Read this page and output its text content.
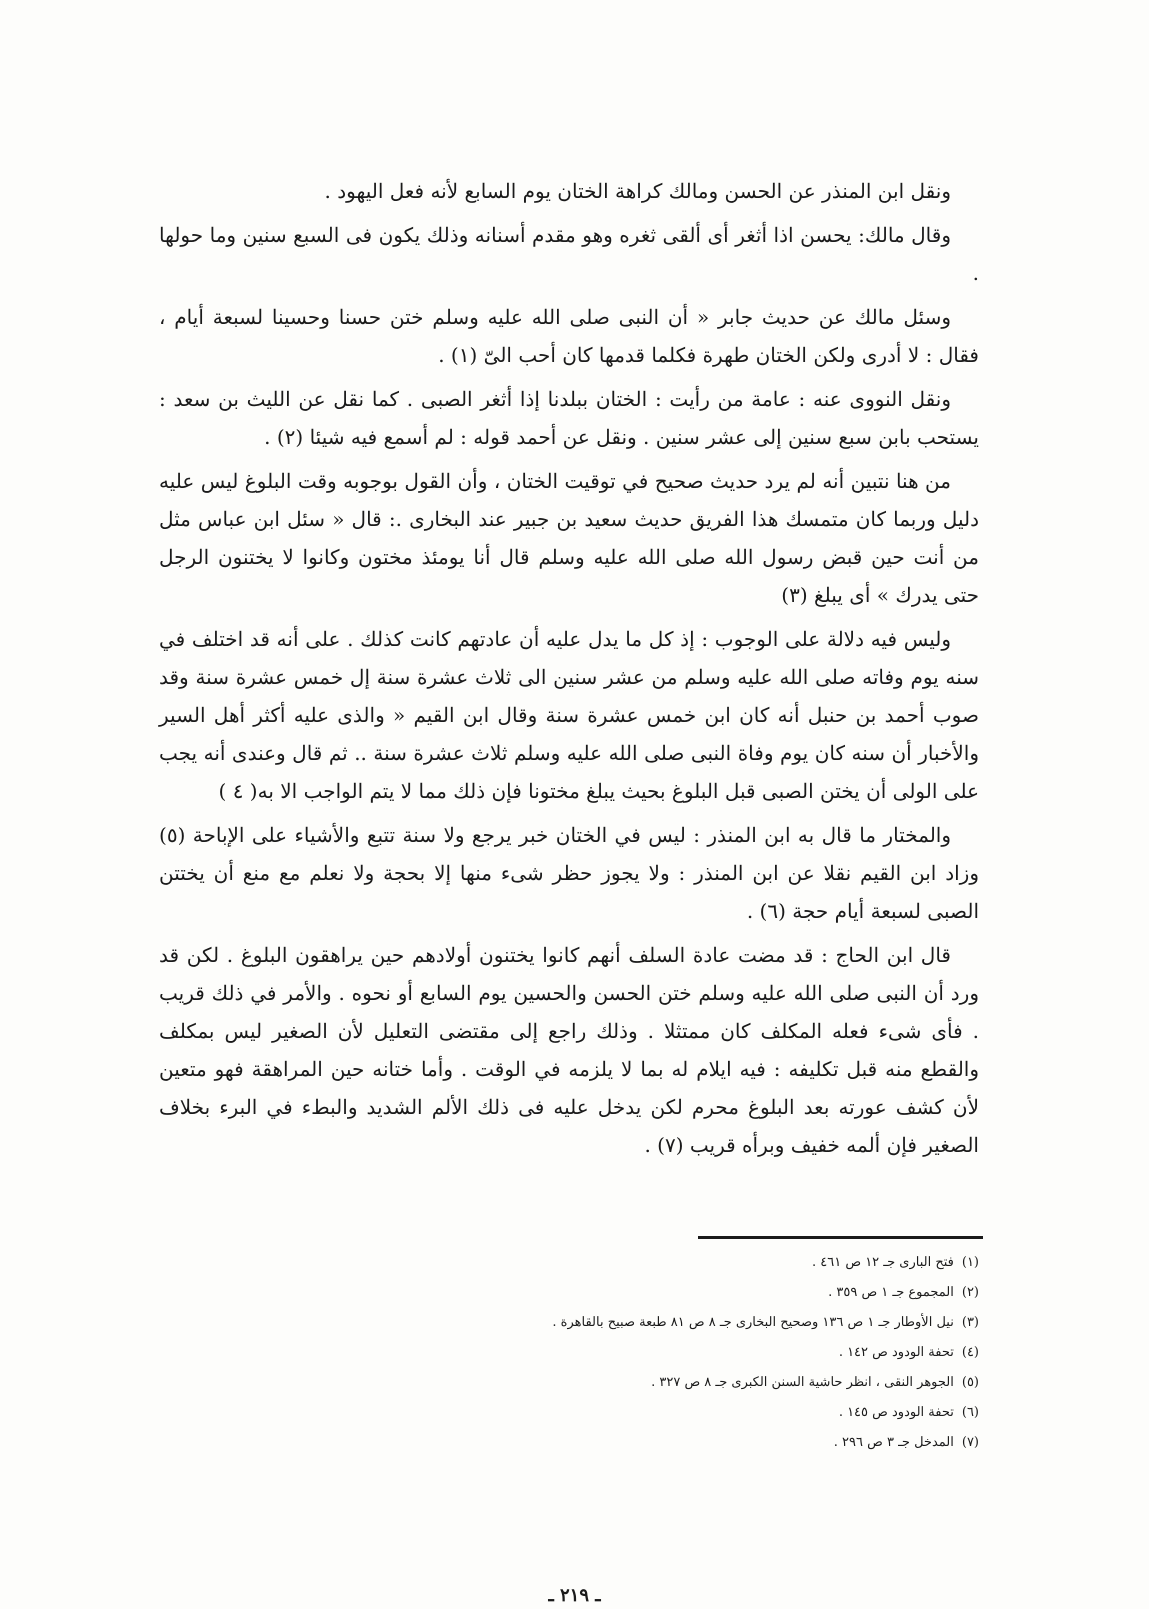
ونقل ابن المنذر عن الحسن ومالك كراهة الختان يوم السابع لأنه فعل اليهود .

وقال مالك: يحسن اذا أثغر أى ألقى ثغره وهو مقدم أسنانه وذلك يكون فى السبع سنين وما حولها .

وسئل مالك عن حديث جابر « أن النبى صلى الله عليه وسلم ختن حسنا وحسينا لسبعة أيام ، فقال : لا أدرى ولكن الختان طهرة فكلما قدمها كان أحب الىّ (١) .

ونقل النووى عنه : عامة من رأيت : الختان ببلدنا إذا أثغر الصبى . كما نقل عن الليث بن سعد : يستحب بابن سبع سنين إلى عشر سنين . ونقل عن أحمد قوله : لم أسمع فيه شيئا (٢) .

من هنا نتبين أنه لم يرد حديث صحيح في توقيت الختان ، وأن القول بوجوبه وقت البلوغ ليس عليه دليل وربما كان متمسك هذا الفريق حديث سعيد بن جبير عند البخارى .: قال « سئل ابن عباس مثل من أنت حين قبض رسول الله صلى الله عليه وسلم قال أنا يومئذ مختون وكانوا لا يختنون الرجل حتى يدرك » أى يبلغ (٣)

وليس فيه دلالة على الوجوب : إذ كل ما يدل عليه أن عادتهم كانت كذلك . على أنه قد اختلف في سنه يوم وفاته صلى الله عليه وسلم من عشر سنين الى ثلاث عشرة سنة إل خمس عشرة سنة وقد صوب أحمد بن حنبل أنه كان ابن خمس عشرة سنة وقال ابن القيم « والذى عليه أكثر أهل السير والأخبار أن سنه كان يوم وفاة النبى صلى الله عليه وسلم ثلاث عشرة سنة .. ثم قال وعندى أنه يجب على الولى أن يختن الصبى قبل البلوغ بحيث يبلغ مختونا فإن ذلك مما لا يتم الواجب الا به( ٤ )

والمختار ما قال به ابن المنذر : ليس في الختان خبر يرجع ولا سنة تتبع والأشياء على الإباحة (٥) وزاد ابن القيم نقلا عن ابن المنذر : ولا يجوز حظر شىء منها إلا بحجة ولا نعلم مع منع أن يختتن الصبى لسبعة أيام حجة (٦) .

قال ابن الحاج : قد مضت عادة السلف أنهم كانوا يختنون أولادهم حين يراهقون البلوغ . لكن قد ورد أن النبى صلى الله عليه وسلم ختن الحسن والحسين يوم السابع أو نحوه . والأمر في ذلك قريب . فأى شىء فعله المكلف كان ممتثلا . وذلك راجع إلى مقتضى التعليل لأن الصغير ليس بمكلف والقطع منه قبل تكليفه : فيه ايلام له بما لا يلزمه في الوقت . وأما ختانه حين المراهقة فهو متعين لأن كشف عورته بعد البلوغ محرم لكن يدخل عليه فى ذلك الألم الشديد والبطء في البرء بخلاف الصغير فإن ألمه خفيف وبرأه قريب (٧) .

(١)فتح البارى جـ ١٢ ص ٤٦١ .
(٢)المجموع جـ ١ ص ٣٥٩ .
(٣)نيل الأوطار جـ ١ ص ١٣٦ وصحيح البخارى جـ ٨ ص ٨١ طبعة صبيح بالقاهرة .
(٤)تحفة الودود ص ١٤٢ .
(٥)الجوهر النقى ، انظر حاشية السنن الكبرى جـ ٨ ص ٣٢٧ .
(٦)تحفة الودود ص ١٤٥ .
(٧)المدخل جـ ٣ ص ٢٩٦ .
ـ ٢١٩ ـ
